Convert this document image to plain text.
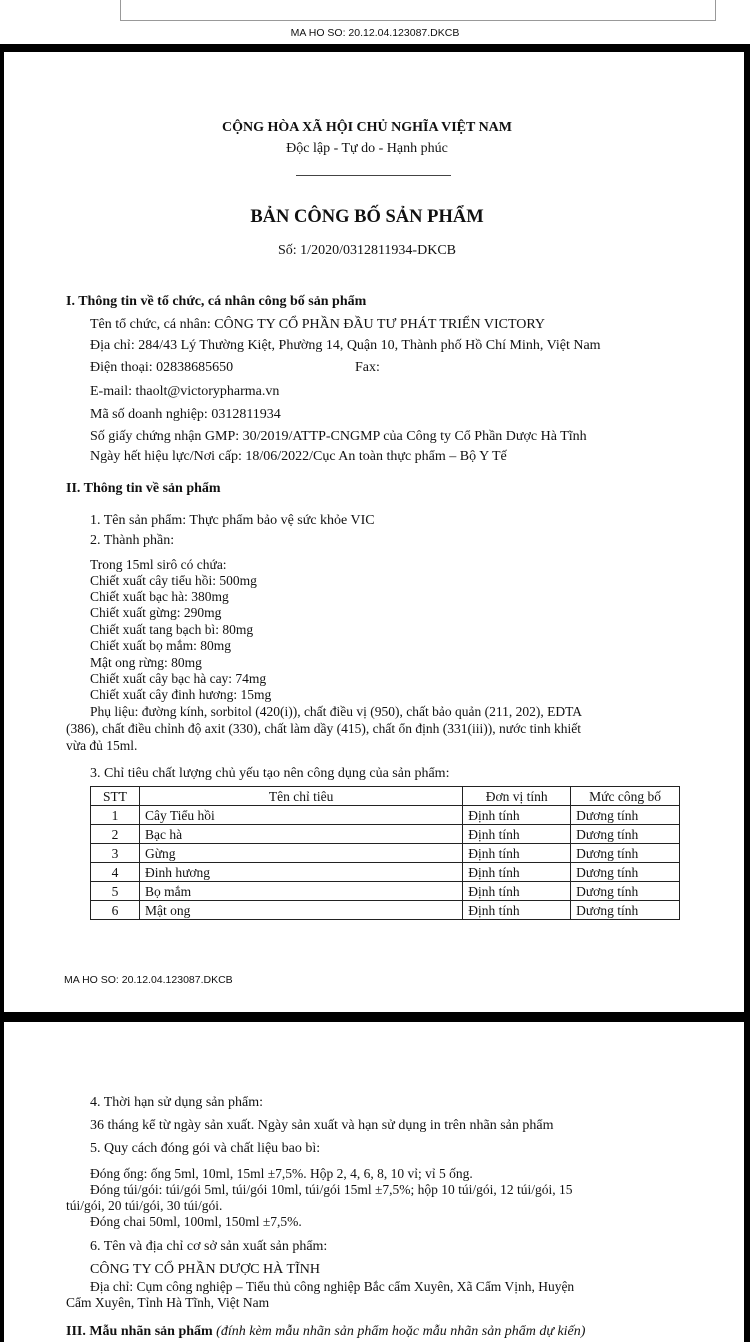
MA HO SO: 20.12.04.123087.DKCB
CỘNG HÒA XÃ HỘI CHỦ NGHĨA VIỆT NAM
Độc lập - Tự do - Hạnh phúc
BẢN CÔNG BỐ SẢN PHẨM
Số: 1/2020/0312811934-DKCB
I. Thông tin về tổ chức, cá nhân công bố sản phẩm
Tên tổ chức, cá nhân: CÔNG TY CỔ PHẦN ĐẦU TƯ PHÁT TRIỂN VICTORY
Địa chỉ: 284/43 Lý Thường Kiệt, Phường 14, Quận 10, Thành phố Hồ Chí Minh, Việt Nam
Điện thoại: 02838685650	Fax:
E-mail: thaolt@victorypharma.vn
Mã số doanh nghiệp: 0312811934
Số giấy chứng nhận GMP: 30/2019/ATTP-CNGMP của Công ty Cổ Phần Dược Hà Tĩnh
Ngày hết hiệu lực/Nơi cấp: 18/06/2022/Cục An toàn thực phẩm – Bộ Y Tế
II. Thông tin về sản phẩm
1. Tên sản phẩm: Thực phẩm bảo vệ sức khỏe VIC
2. Thành phần:
Trong 15ml sirô có chứa:
Chiết xuất cây tiểu hồi: 500mg
Chiết xuất bạc hà: 380mg
Chiết xuất gừng: 290mg
Chiết xuất tang bạch bì: 80mg
Chiết xuất bọ mắm: 80mg
Mật ong rừng: 80mg
Chiết xuất cây bạc hà cay: 74mg
Chiết xuất cây đinh hương: 15mg
Phụ liệu: đường kính, sorbitol (420(i)), chất điều vị (950), chất bảo quản (211, 202), EDTA
(386), chất điều chỉnh độ axit (330), chất làm dầy (415), chất ổn định (331(iii)), nước tinh khiết
vừa đủ 15ml.
3. Chỉ tiêu chất lượng chủ yếu tạo nên công dụng của sản phẩm:
STT	Tên chỉ tiêu	Đơn vị tính	Mức công bố
1	Cây Tiểu hồi	Định tính	Dương tính
2	Bạc hà	Định tính	Dương tính
3	Gừng	Định tính	Dương tính
4	Đinh hương	Định tính	Dương tính
5	Bọ mắm	Định tính	Dương tính
6	Mật ong	Định tính	Dương tính
MA HO SO: 20.12.04.123087.DKCB
4. Thời hạn sử dụng sản phẩm:
36 tháng kể từ ngày sản xuất. Ngày sản xuất và hạn sử dụng in trên nhãn sản phẩm
5. Quy cách đóng gói và chất liệu bao bì:
Đóng ống: ống 5ml, 10ml, 15ml ±7,5%. Hộp 2, 4, 6, 8, 10 vỉ; vỉ 5 ống.
Đóng túi/gói: túi/gói 5ml, túi/gói 10ml, túi/gói 15ml ±7,5%; hộp 10 túi/gói, 12 túi/gói, 15
túi/gói, 20 túi/gói, 30 túi/gói.
Đóng chai 50ml, 100ml, 150ml ±7,5%.
6. Tên và địa chỉ cơ sở sản xuất sản phẩm:
CÔNG TY CỔ PHẦN DƯỢC HÀ TĨNH
Địa chỉ: Cụm công nghiệp – Tiểu thủ công nghiệp Bắc cẩm Xuyên, Xã Cẩm Vịnh, Huyện
Cẩm Xuyên, Tỉnh Hà Tĩnh, Việt Nam
III. Mẫu nhãn sản phẩm (đính kèm mẫu nhãn sản phẩm hoặc mẫu nhãn sản phẩm dự kiến)
